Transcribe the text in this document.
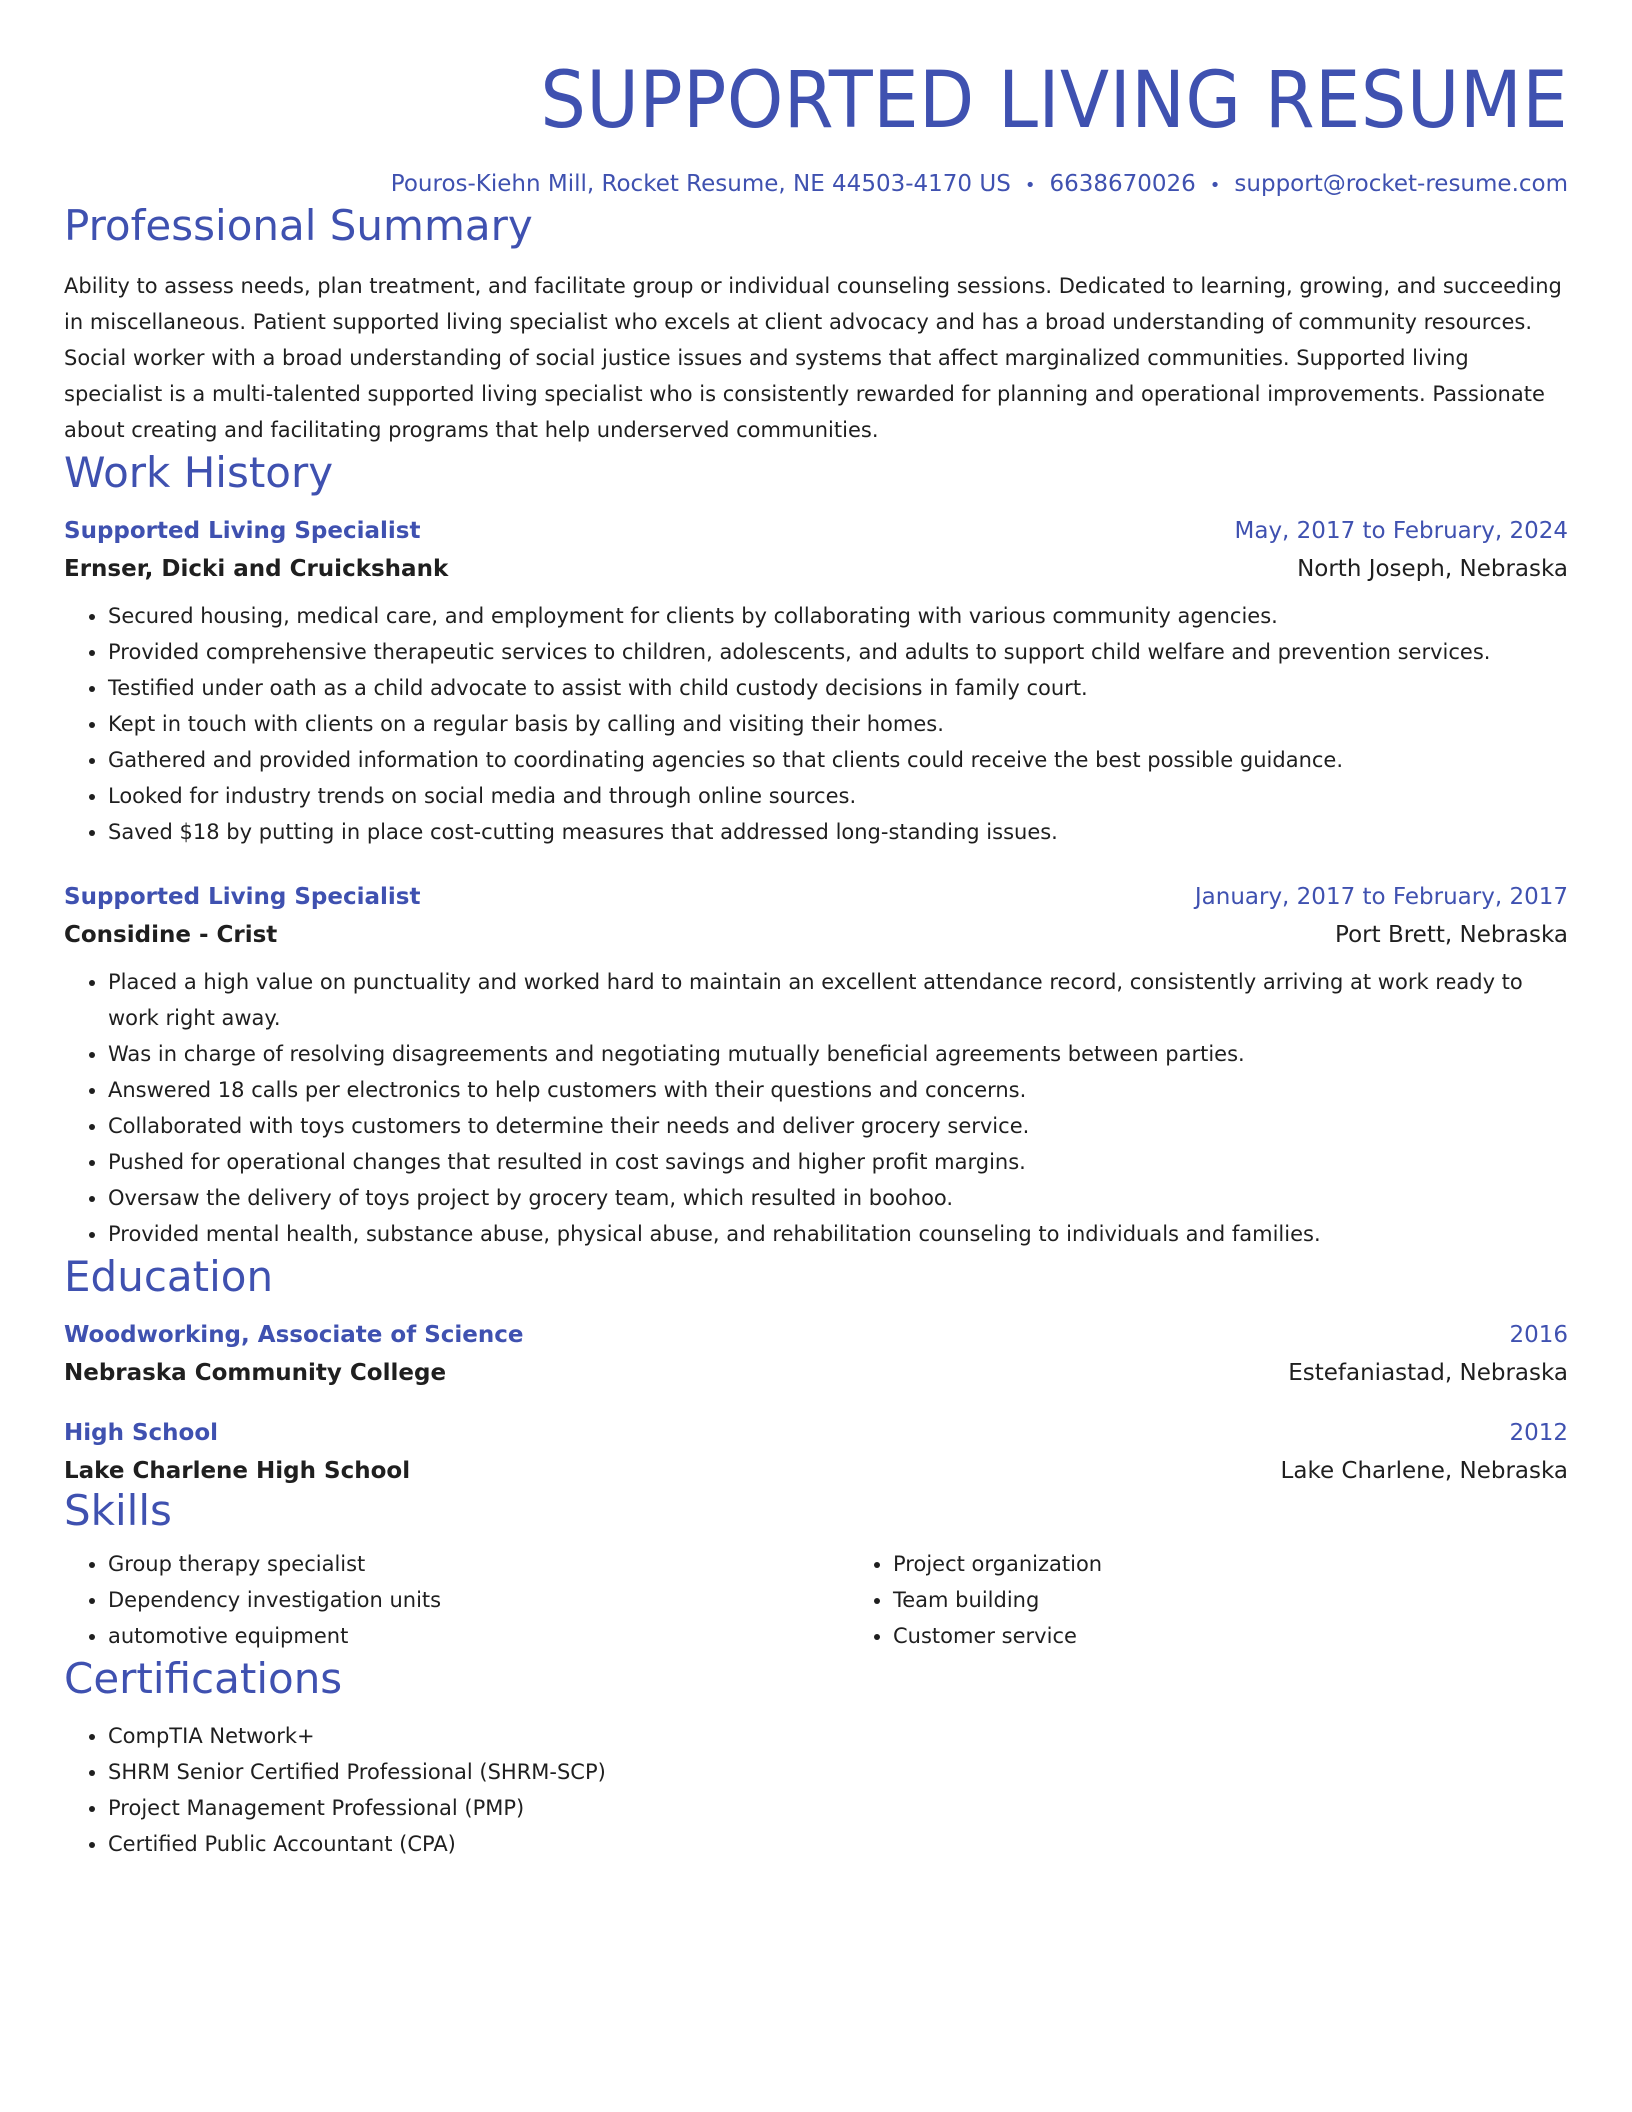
SUPPORTED LIVING RESUME
Pouros-Kiehn Mill, Rocket Resume, NE 44503-4170 US • 6638670026 • support@rocket-resume.com
Professional Summary
Ability to assess needs, plan treatment, and facilitate group or individual counseling sessions. Dedicated to learning, growing, and succeeding in miscellaneous. Patient supported living specialist who excels at client advocacy and has a broad understanding of community resources. Social worker with a broad understanding of social justice issues and systems that affect marginalized communities. Supported living specialist is a multi-talented supported living specialist who is consistently rewarded for planning and operational improvements. Passionate about creating and facilitating programs that help underserved communities.
Work History
Supported Living Specialist	May, 2017 to February, 2024
Ernser, Dicki and Cruickshank	North Joseph, Nebraska
• Secured housing, medical care, and employment for clients by collaborating with various community agencies.
• Provided comprehensive therapeutic services to children, adolescents, and adults to support child welfare and prevention services.
• Testified under oath as a child advocate to assist with child custody decisions in family court.
• Kept in touch with clients on a regular basis by calling and visiting their homes.
• Gathered and provided information to coordinating agencies so that clients could receive the best possible guidance.
• Looked for industry trends on social media and through online sources.
• Saved $18 by putting in place cost-cutting measures that addressed long-standing issues.
Supported Living Specialist	January, 2017 to February, 2017
Considine - Crist	Port Brett, Nebraska
• Placed a high value on punctuality and worked hard to maintain an excellent attendance record, consistently arriving at work ready to work right away.
• Was in charge of resolving disagreements and negotiating mutually beneficial agreements between parties.
• Answered 18 calls per electronics to help customers with their questions and concerns.
• Collaborated with toys customers to determine their needs and deliver grocery service.
• Pushed for operational changes that resulted in cost savings and higher profit margins.
• Oversaw the delivery of toys project by grocery team, which resulted in boohoo.
• Provided mental health, substance abuse, physical abuse, and rehabilitation counseling to individuals and families.
Education
Woodworking, Associate of Science	2016
Nebraska Community College	Estefaniastad, Nebraska
High School	2012
Lake Charlene High School	Lake Charlene, Nebraska
Skills
• Group therapy specialist
• Dependency investigation units
• automotive equipment
• Project organization
• Team building
• Customer service
Certifications
• CompTIA Network+
• SHRM Senior Certified Professional (SHRM-SCP)
• Project Management Professional (PMP)
• Certified Public Accountant (CPA)
